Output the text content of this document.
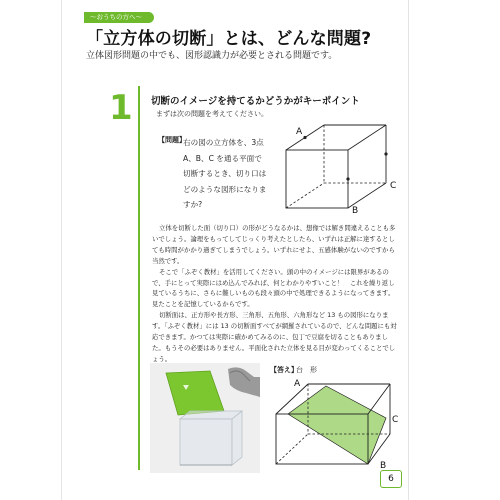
〜おうちの方へ〜
「立方体の切断」とは、どんな問題?
立体図形問題の中でも、図形認識力が必要とされる問題です。
1 切断のイメージを持てるかどうかがキーポイント
まずは次の問題を考えてください。
【問題】
右の図の立方体を、3点
A、B、C を通る平面で
切断するとき、切り口は
どのような図形になりま
すか?
A
B
C

立体を切断した面（切り口）の形がどうなるかは、想像では解き間違えることも多いでしょう。論理をもってしてじっくり考えたとしたら、いずれは正解に達するとしても時間がかかり過ぎてしまうでしょう。いずれにせよ、五感体験がないのですから当然です。

そこで「ふぞく教材」を活用してください。頭の中のイメージには限界があるので、手にとって実際にはめ込んでみれば、何とわかりやすいこと！　これを繰り返し見ているうちに、さらに難しいものも段々頭の中で処理できるようになってきます。見たことを記憶しているからです。

切断面は、正方形や長方形、三角形、五角形、六角形など 13 もの図形になります。「ふぞく教材」には 13 の切断面すべてが網羅されているので、どんな問題にも対応できます。かつては実際に確かめてみるのに、包丁で豆腐を切ることもありました。もうその必要はありません。平面化された立体を見る目が変わってくることでしょう。

【答え】
台　形
A
B
C
6
